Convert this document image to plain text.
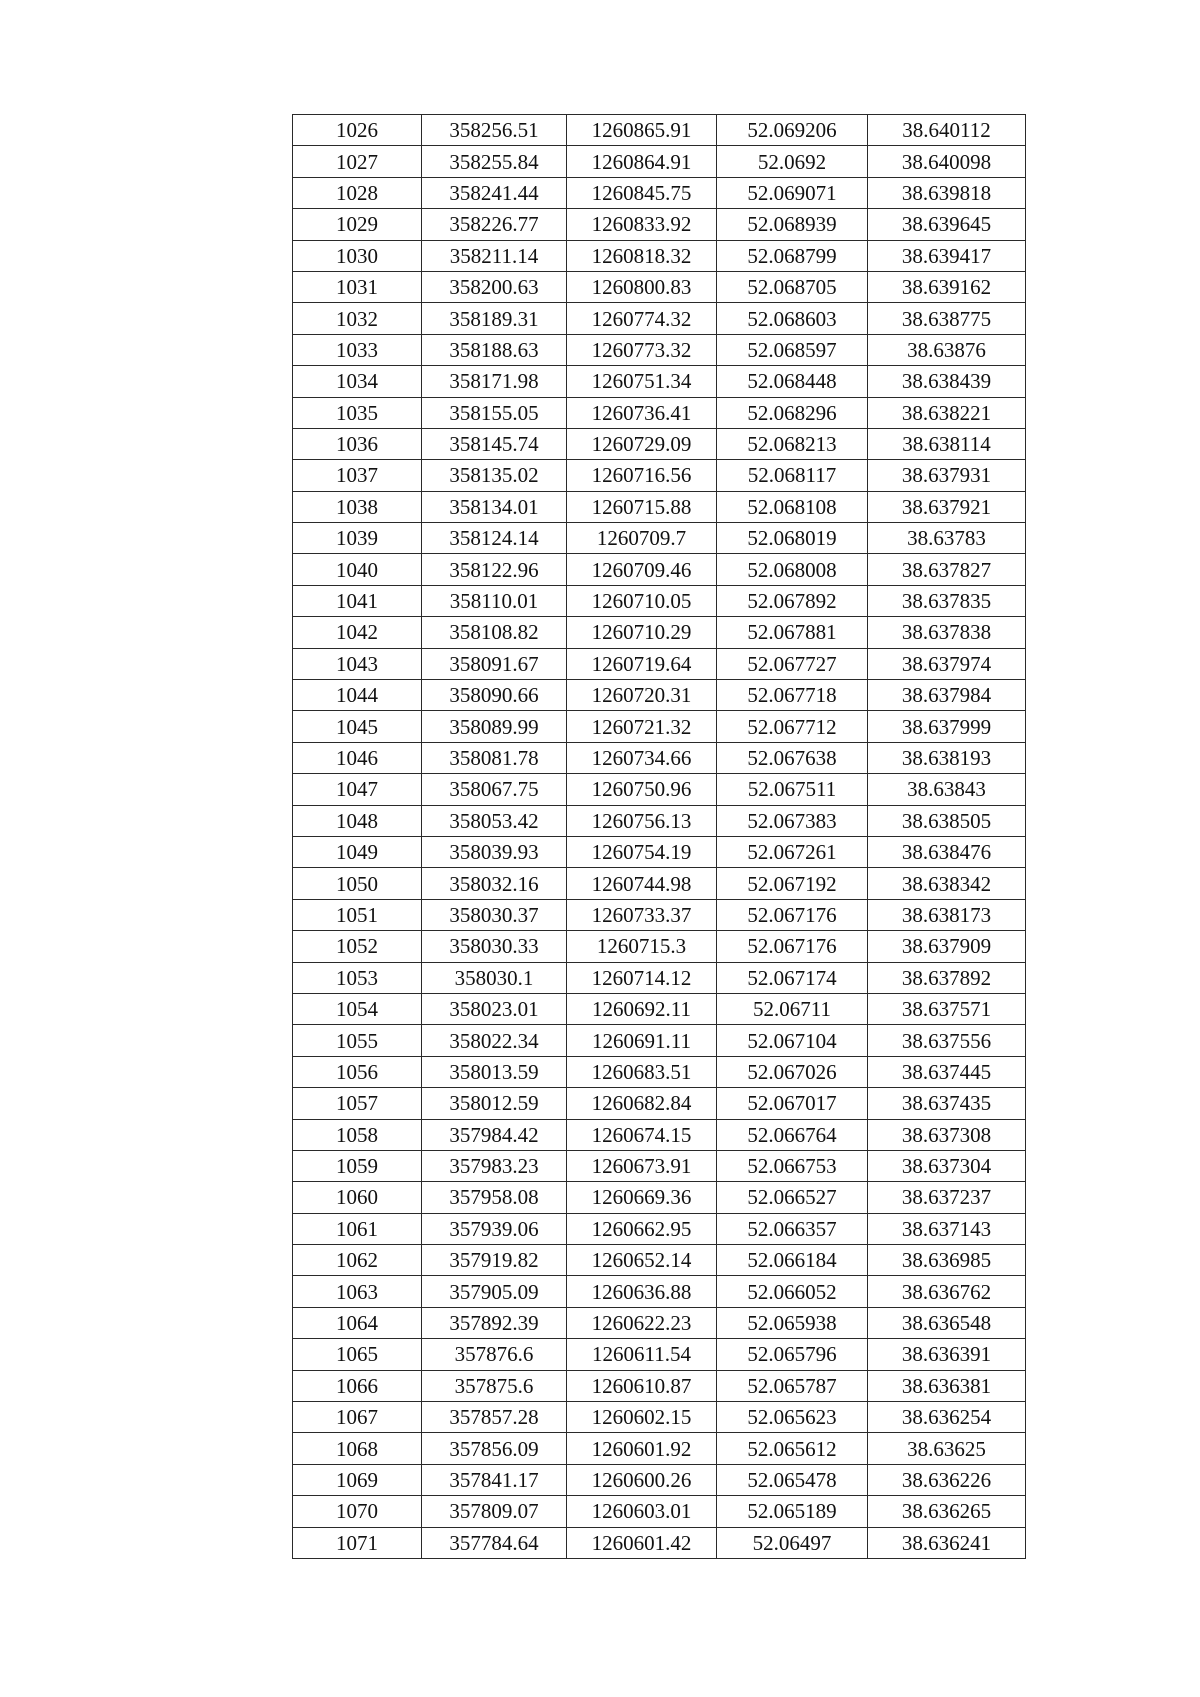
1026	358256.51	1260865.91	52.069206	38.640112
1027	358255.84	1260864.91	52.0692	38.640098
1028	358241.44	1260845.75	52.069071	38.639818
1029	358226.77	1260833.92	52.068939	38.639645
1030	358211.14	1260818.32	52.068799	38.639417
1031	358200.63	1260800.83	52.068705	38.639162
1032	358189.31	1260774.32	52.068603	38.638775
1033	358188.63	1260773.32	52.068597	38.63876
1034	358171.98	1260751.34	52.068448	38.638439
1035	358155.05	1260736.41	52.068296	38.638221
1036	358145.74	1260729.09	52.068213	38.638114
1037	358135.02	1260716.56	52.068117	38.637931
1038	358134.01	1260715.88	52.068108	38.637921
1039	358124.14	1260709.7	52.068019	38.63783
1040	358122.96	1260709.46	52.068008	38.637827
1041	358110.01	1260710.05	52.067892	38.637835
1042	358108.82	1260710.29	52.067881	38.637838
1043	358091.67	1260719.64	52.067727	38.637974
1044	358090.66	1260720.31	52.067718	38.637984
1045	358089.99	1260721.32	52.067712	38.637999
1046	358081.78	1260734.66	52.067638	38.638193
1047	358067.75	1260750.96	52.067511	38.63843
1048	358053.42	1260756.13	52.067383	38.638505
1049	358039.93	1260754.19	52.067261	38.638476
1050	358032.16	1260744.98	52.067192	38.638342
1051	358030.37	1260733.37	52.067176	38.638173
1052	358030.33	1260715.3	52.067176	38.637909
1053	358030.1	1260714.12	52.067174	38.637892
1054	358023.01	1260692.11	52.06711	38.637571
1055	358022.34	1260691.11	52.067104	38.637556
1056	358013.59	1260683.51	52.067026	38.637445
1057	358012.59	1260682.84	52.067017	38.637435
1058	357984.42	1260674.15	52.066764	38.637308
1059	357983.23	1260673.91	52.066753	38.637304
1060	357958.08	1260669.36	52.066527	38.637237
1061	357939.06	1260662.95	52.066357	38.637143
1062	357919.82	1260652.14	52.066184	38.636985
1063	357905.09	1260636.88	52.066052	38.636762
1064	357892.39	1260622.23	52.065938	38.636548
1065	357876.6	1260611.54	52.065796	38.636391
1066	357875.6	1260610.87	52.065787	38.636381
1067	357857.28	1260602.15	52.065623	38.636254
1068	357856.09	1260601.92	52.065612	38.63625
1069	357841.17	1260600.26	52.065478	38.636226
1070	357809.07	1260603.01	52.065189	38.636265
1071	357784.64	1260601.42	52.06497	38.636241
